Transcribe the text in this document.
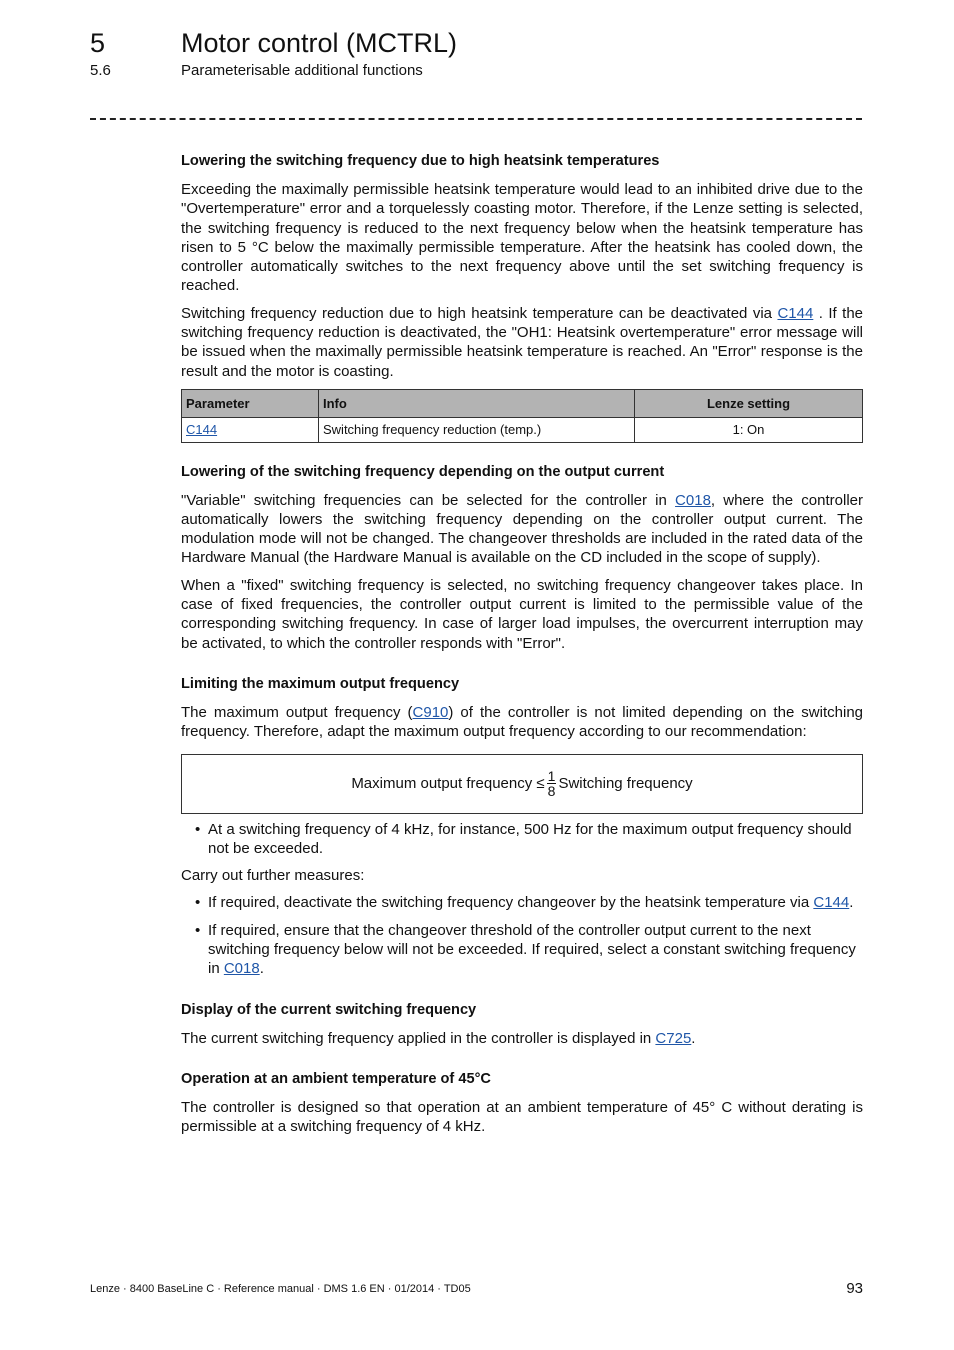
5	Motor control (MCTRL)
5.6	Parameterisable additional functions
Lowering the switching frequency due to high heatsink temperatures

Exceeding the maximally permissible heatsink temperature would lead to an inhibited drive due to the "Overtemperature" error and a torquelessly coasting motor. Therefore, if the Lenze setting is selected, the switching frequency is reduced to the next frequency below when the heatsink temperature has risen to 5 °C below the maximally permissible temperature. After the heatsink has cooled down, the controller automatically switches to the next frequency above until the set switching frequency is reached.

Switching frequency reduction due to high heatsink temperature can be deactivated via C144 . If the switching frequency reduction is deactivated, the "OH1: Heatsink overtemperature" error message will be issued when the maximally permissible heatsink temperature is reached. An "Error" response is the result and the motor is coasting.

Parameter	Info	Lenze setting
C144	Switching frequency reduction (temp.)	1: On
Lowering of the switching frequency depending on the output current

"Variable" switching frequencies can be selected for the controller in C018, where the controller automatically lowers the switching frequency depending on the controller output current. The modulation mode will not be changed. The changeover thresholds are included in the rated data of the Hardware Manual (the Hardware Manual is available on the CD included in the scope of supply).

When a "fixed" switching frequency is selected, no switching frequency changeover takes place. In case of fixed frequencies, the controller output current is limited to the permissible value of the corresponding switching frequency. In case of larger load impulses, the overcurrent interruption may be activated, to which the controller responds with "Error".

Limiting the maximum output frequency

The maximum output frequency (C910) of the controller is not limited depending on the switching frequency. Therefore, adapt the maximum output frequency according to our recommendation:

Maximum output frequency ≤ $\frac{1}{8}$ Switching frequency
• At a switching frequency of 4 kHz, for instance, 500 Hz for the maximum output frequency should not be exceeded.

Carry out further measures:

• If required, deactivate the switching frequency changeover by the heatsink temperature via C144.
• If required, ensure that the changeover threshold of the controller output current to the next switching frequency below will not be exceeded. If required, select a constant switching frequency in C018.
Display of the current switching frequency

The current switching frequency applied in the controller is displayed in C725.

Operation at an ambient temperature of 45°C

The controller is designed so that operation at an ambient temperature of 45° C without derating is permissible at a switching frequency of 4 kHz.

Lenze · 8400 BaseLine C · Reference manual · DMS 1.6 EN · 01/2014 · TD05	93
